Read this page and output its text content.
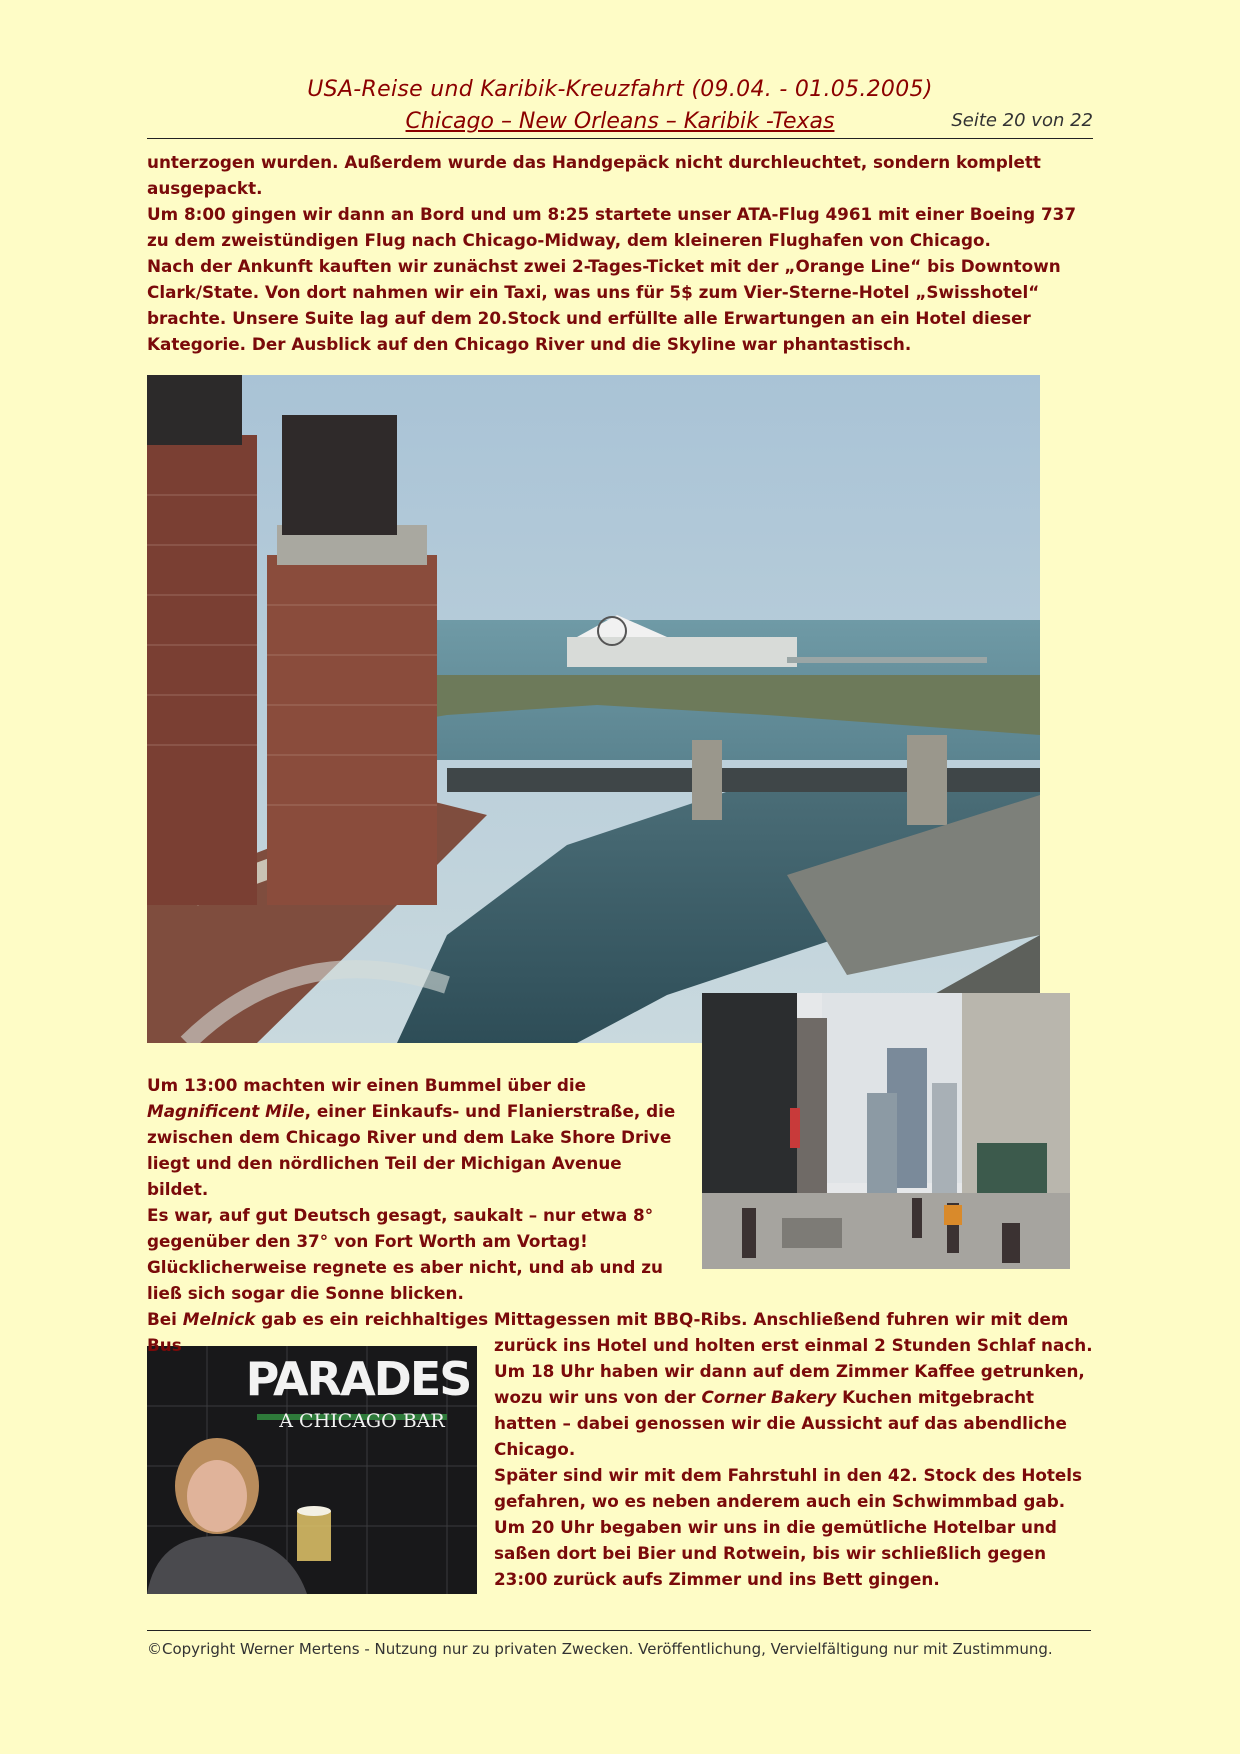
USA-Reise und Karibik-Kreuzfahrt (09.04. - 01.05.2005)
Chicago – New Orleans – Karibik -Texas	Seite 20 von 22

unterzogen wurden. Außerdem wurde das Handgepäck nicht durchleuchtet, sondern komplett ausgepackt.

Um 8:00 gingen wir dann an Bord und um 8:25 startete unser ATA-Flug 4961 mit einer Boeing 737 zu dem zweistündigen Flug nach Chicago-Midway, dem kleineren Flughafen von Chicago.

Nach der Ankunft kauften wir zunächst zwei 2-Tages-Ticket mit der „Orange Line“ bis Downtown Clark/State. Von dort nahmen wir ein Taxi, was uns für 5$ zum Vier-Sterne-Hotel „Swisshotel“ brachte. Unsere Suite lag auf dem 20.Stock und erfüllte alle Erwartungen an ein Hotel dieser Kategorie. Der Ausblick auf den Chicago River und die Skyline war phantastisch.

PARADES
A CHICAGO BAR

Um 13:00 machten wir einen Bummel über die Magnificent Mile, einer Einkaufs- und Flanierstraße, die zwischen dem Chicago River und dem Lake Shore Drive liegt und den nördlichen Teil der Michigan Avenue bildet.

Es war, auf gut Deutsch gesagt, saukalt – nur etwa 8° gegenüber den 37° von Fort Worth am Vortag! Glücklicherweise regnete es aber nicht, und ab und zu ließ sich sogar die Sonne blicken.

Bei Melnick gab es ein reichhaltiges Mittagessen mit BBQ-Ribs. Anschließend fuhren wir mit dem Bus	zurück ins Hotel und holten erst einmal 2 Stunden Schlaf nach.

Um 18 Uhr haben wir dann auf dem Zimmer Kaffee getrunken, wozu wir uns von der Corner Bakery Kuchen mitgebracht hatten – dabei genossen wir die Aussicht auf das abendliche Chicago.

Später sind wir mit dem Fahrstuhl in den 42. Stock des Hotels gefahren, wo es neben anderem auch ein Schwimmbad gab.

Um 20 Uhr begaben wir uns in die gemütliche Hotelbar und saßen dort bei Bier und Rotwein, bis wir schließlich gegen 23:00 zurück aufs Zimmer und ins Bett gingen.

©Copyright Werner Mertens - Nutzung nur zu privaten Zwecken. Veröffentlichung, Vervielfältigung nur mit Zustimmung.
